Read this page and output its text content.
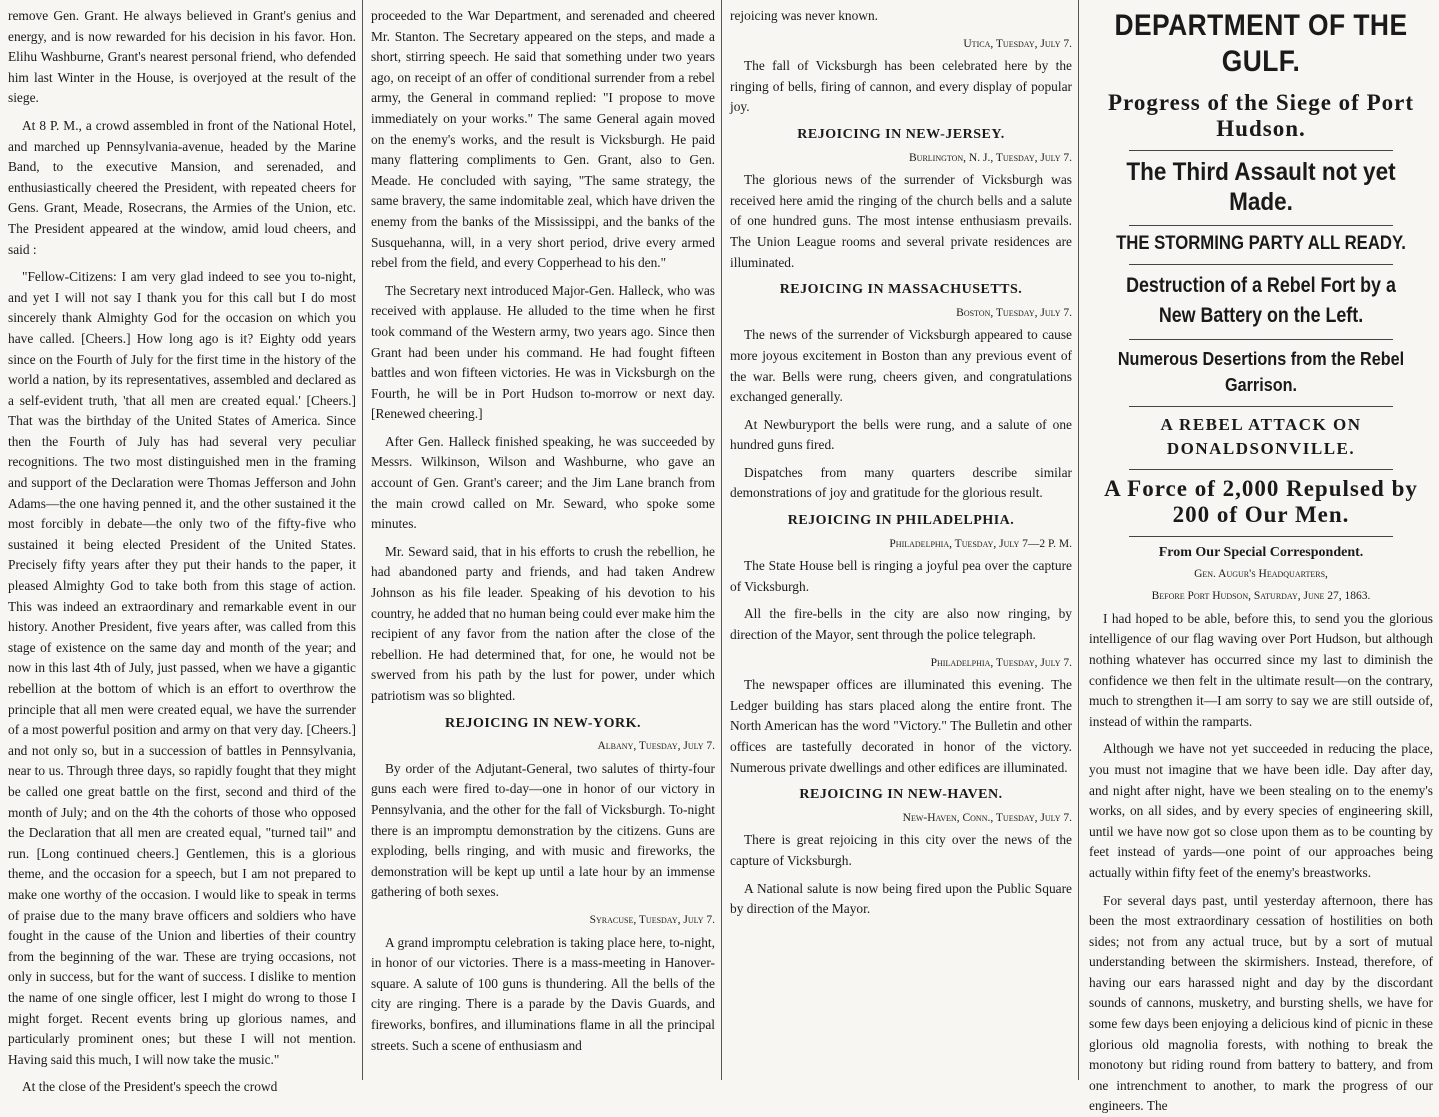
remove Gen. Grant. He always believed in Grant's genius and energy, and is now rewarded for his decision in his favor. Hon. Elihu Washburne, Grant's nearest personal friend, who defended him last Winter in the House, is overjoyed at the result of the siege.

At 8 P. M., a crowd assembled in front of the National Hotel, and marched up Pennsylvania-avenue, headed by the Marine Band, to the executive Mansion, and serenaded, and enthusiastically cheered the President, with repeated cheers for Gens. Grant, Meade, Rosecrans, the Armies of the Union, etc. The President appeared at the window, amid loud cheers, and said :

"Fellow-Citizens: I am very glad indeed to see you to-night, and yet I will not say I thank you for this call but I do most sincerely thank Almighty God for the occasion on which you have called. [Cheers.] How long ago is it? Eighty odd years since on the Fourth of July for the first time in the history of the world a nation, by its representatives, assembled and declared as a self-evident truth, 'that all men are created equal.' [Cheers.] That was the birthday of the United States of America. Since then the Fourth of July has had several very peculiar recognitions. The two most distinguished men in the framing and support of the Declaration were Thomas Jefferson and John Adams—the one having penned it, and the other sustained it the most forcibly in debate—the only two of the fifty-five who sustained it being elected President of the United States. Precisely fifty years after they put their hands to the paper, it pleased Almighty God to take both from this stage of action. This was indeed an extraordinary and remarkable event in our history. Another President, five years after, was called from this stage of existence on the same day and month of the year; and now in this last 4th of July, just passed, when we have a gigantic rebellion at the bottom of which is an effort to overthrow the principle that all men were created equal, we have the surrender of a most powerful position and army on that very day. [Cheers.] and not only so, but in a succession of battles in Pennsylvania, near to us. Through three days, so rapidly fought that they might be called one great battle on the first, second and third of the month of July; and on the 4th the cohorts of those who opposed the Declaration that all men are created equal, "turned tail" and run. [Long continued cheers.] Gentlemen, this is a glorious theme, and the occasion for a speech, but I am not prepared to make one worthy of the occasion. I would like to speak in terms of praise due to the many brave officers and soldiers who have fought in the cause of the Union and liberties of their country from the beginning of the war. These are trying occasions, not only in success, but for the want of success. I dislike to mention the name of one single officer, lest I might do wrong to those I might forget. Recent events bring up glorious names, and particularly prominent ones; but these I will not mention. Having said this much, I will now take the music."

At the close of the President's speech the crowd

proceeded to the War Department, and serenaded and cheered Mr. Stanton. The Secretary appeared on the steps, and made a short, stirring speech. He said that something under two years ago, on receipt of an offer of conditional surrender from a rebel army, the General in command replied: "I propose to move immediately on your works." The same General again moved on the enemy's works, and the result is Vicksburgh. He paid many flattering compliments to Gen. Grant, also to Gen. Meade. He concluded with saying, "The same strategy, the same bravery, the same indomitable zeal, which have driven the enemy from the banks of the Mississippi, and the banks of the Susquehanna, will, in a very short period, drive every armed rebel from the field, and every Copperhead to his den."

The Secretary next introduced Major-Gen. Halleck, who was received with applause. He alluded to the time when he first took command of the Western army, two years ago. Since then Grant had been under his command. He had fought fifteen battles and won fifteen victories. He was in Vicksburgh on the Fourth, he will be in Port Hudson to-morrow or next day. [Renewed cheering.]

After Gen. Halleck finished speaking, he was succeeded by Messrs. Wilkinson, Wilson and Washburne, who gave an account of Gen. Grant's career; and the Jim Lane branch from the main crowd called on Mr. Seward, who spoke some minutes.

Mr. Seward said, that in his efforts to crush the rebellion, he had abandoned party and friends, and had taken Andrew Johnson as his file leader. Speaking of his devotion to his country, he added that no human being could ever make him the recipient of any favor from the nation after the close of the rebellion. He had determined that, for one, he would not be swerved from his path by the lust for power, under which patriotism was so blighted.

REJOICING IN NEW-YORK.

Albany, Tuesday, July 7.

By order of the Adjutant-General, two salutes of thirty-four guns each were fired to-day—one in honor of our victory in Pennsylvania, and the other for the fall of Vicksburgh. To-night there is an impromptu demonstration by the citizens. Guns are exploding, bells ringing, and with music and fireworks, the demonstration will be kept up until a late hour by an immense gathering of both sexes.

Syracuse, Tuesday, July 7.

A grand impromptu celebration is taking place here, to-night, in honor of our victories. There is a mass-meeting in Hanover-square. A salute of 100 guns is thundering. All the bells of the city are ringing. There is a parade by the Davis Guards, and fireworks, bonfires, and illuminations flame in all the principal streets. Such a scene of enthusiasm and

rejoicing was never known.

Utica, Tuesday, July 7.

The fall of Vicksburgh has been celebrated here by the ringing of bells, firing of cannon, and every display of popular joy.

REJOICING IN NEW-JERSEY.

Burlington, N. J., Tuesday, July 7.

The glorious news of the surrender of Vicksburgh was received here amid the ringing of the church bells and a salute of one hundred guns. The most intense enthusiasm prevails. The Union League rooms and several private residences are illuminated.

REJOICING IN MASSACHUSETTS.

Boston, Tuesday, July 7.

The news of the surrender of Vicksburgh appeared to cause more joyous excitement in Boston than any previous event of the war. Bells were rung, cheers given, and congratulations exchanged generally.

At Newburyport the bells were rung, and a salute of one hundred guns fired.

Dispatches from many quarters describe similar demonstrations of joy and gratitude for the glorious result.

REJOICING IN PHILADELPHIA.

Philadelphia, Tuesday, July 7—2 P. M.

The State House bell is ringing a joyful pea over the capture of Vicksburgh.

All the fire-bells in the city are also now ringing, by direction of the Mayor, sent through the police telegraph.

Philadelphia, Tuesday, July 7.

The newspaper offices are illuminated this evening. The Ledger building has stars placed along the entire front. The North American has the word "Victory." The Bulletin and other offices are tastefully decorated in honor of the victory. Numerous private dwellings and other edifices are illuminated.

REJOICING IN NEW-HAVEN.

New-Haven, Conn., Tuesday, July 7.

There is great rejoicing in this city over the news of the capture of Vicksburgh.

A National salute is now being fired upon the Public Square by direction of the Mayor.

DEPARTMENT OF THE GULF.
Progress of the Siege of Port Hudson.
The Third Assault not yet Made.
THE STORMING PARTY ALL READY.
Destruction of a Rebel Fort by a New Battery on the Left.
Numerous Desertions from the Rebel Garrison.
A REBEL ATTACK ON DONALDSONVILLE.
A Force of 2,000 Repulsed by 200 of Our Men.
From Our Special Correspondent.
Gen. Augur's Headquarters,
Before Port Hudson, Saturday, June 27, 1863.

I had hoped to be able, before this, to send you the glorious intelligence of our flag waving over Port Hudson, but although nothing whatever has occurred since my last to diminish the confidence we then felt in the ultimate result—on the contrary, much to strengthen it—I am sorry to say we are still outside of, instead of within the ramparts.

Although we have not yet succeeded in reducing the place, you must not imagine that we have been idle. Day after day, and night after night, have we been stealing on to the enemy's works, on all sides, and by every species of engineering skill, until we have now got so close upon them as to be counting by feet instead of yards—one point of our approaches being actually within fifty feet of the enemy's breastworks.

For several days past, until yesterday afternoon, there has been the most extraordinary cessation of hostilities on both sides; not from any actual truce, but by a sort of mutual understanding between the skirmishers. Instead, therefore, of having our ears harassed night and day by the discordant sounds of cannons, musketry, and bursting shells, we have for some few days been enjoying a delicious kind of picnic in these glorious old magnolia forests, with nothing to break the monotony but riding round from battery to battery, and from one intrenchment to another, to mark the progress of our engineers. The
